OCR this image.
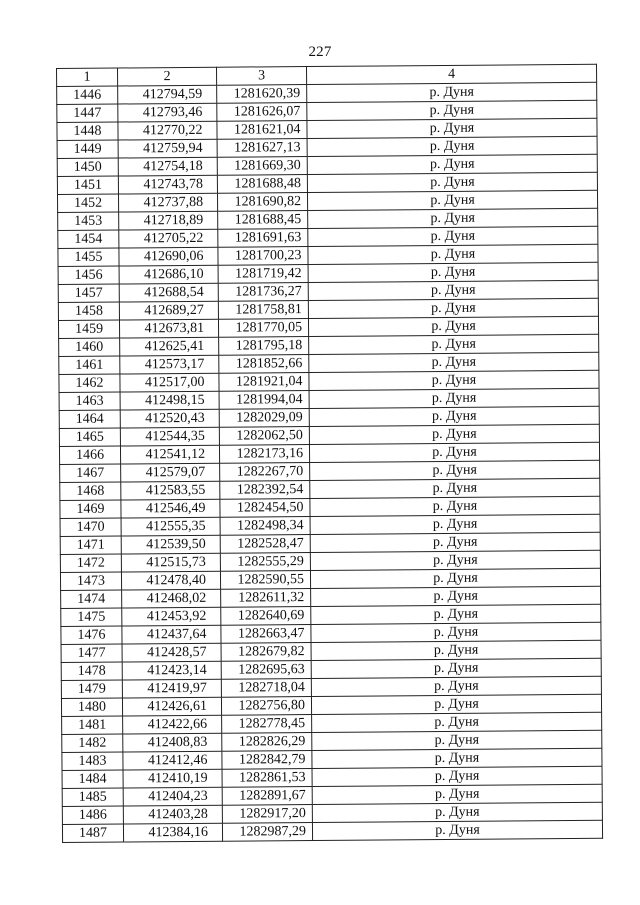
227
1	2	3	4
1446	412794,59	1281620,39	р. Дуня
1447	412793,46	1281626,07	р. Дуня
1448	412770,22	1281621,04	р. Дуня
1449	412759,94	1281627,13	р. Дуня
1450	412754,18	1281669,30	р. Дуня
1451	412743,78	1281688,48	р. Дуня
1452	412737,88	1281690,82	р. Дуня
1453	412718,89	1281688,45	р. Дуня
1454	412705,22	1281691,63	р. Дуня
1455	412690,06	1281700,23	р. Дуня
1456	412686,10	1281719,42	р. Дуня
1457	412688,54	1281736,27	р. Дуня
1458	412689,27	1281758,81	р. Дуня
1459	412673,81	1281770,05	р. Дуня
1460	412625,41	1281795,18	р. Дуня
1461	412573,17	1281852,66	р. Дуня
1462	412517,00	1281921,04	р. Дуня
1463	412498,15	1281994,04	р. Дуня
1464	412520,43	1282029,09	р. Дуня
1465	412544,35	1282062,50	р. Дуня
1466	412541,12	1282173,16	р. Дуня
1467	412579,07	1282267,70	р. Дуня
1468	412583,55	1282392,54	р. Дуня
1469	412546,49	1282454,50	р. Дуня
1470	412555,35	1282498,34	р. Дуня
1471	412539,50	1282528,47	р. Дуня
1472	412515,73	1282555,29	р. Дуня
1473	412478,40	1282590,55	р. Дуня
1474	412468,02	1282611,32	р. Дуня
1475	412453,92	1282640,69	р. Дуня
1476	412437,64	1282663,47	р. Дуня
1477	412428,57	1282679,82	р. Дуня
1478	412423,14	1282695,63	р. Дуня
1479	412419,97	1282718,04	р. Дуня
1480	412426,61	1282756,80	р. Дуня
1481	412422,66	1282778,45	р. Дуня
1482	412408,83	1282826,29	р. Дуня
1483	412412,46	1282842,79	р. Дуня
1484	412410,19	1282861,53	р. Дуня
1485	412404,23	1282891,67	р. Дуня
1486	412403,28	1282917,20	р. Дуня
1487	412384,16	1282987,29	р. Дуня
